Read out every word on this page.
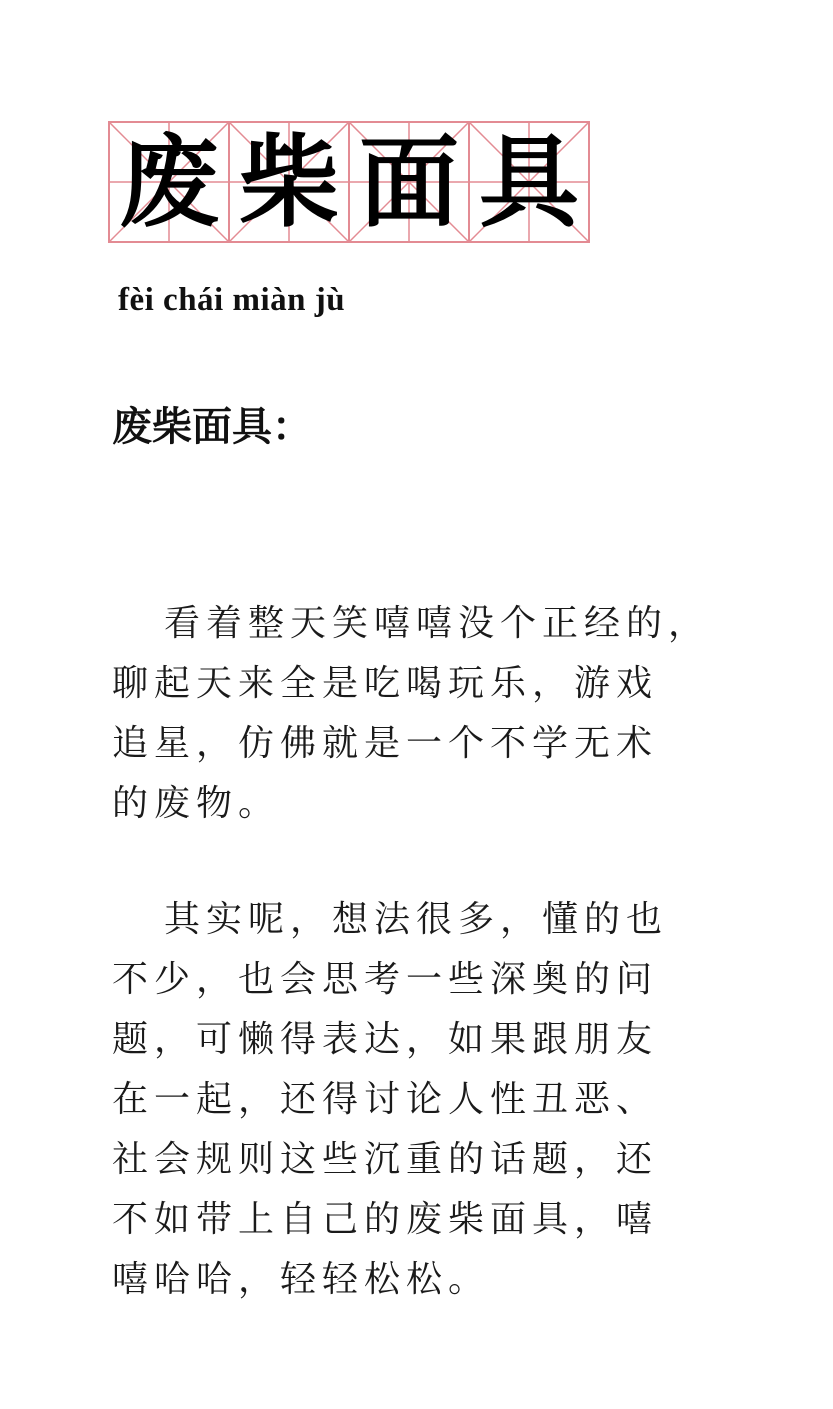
废 柴 面 具
fèi chái miàn jù
废柴面具：
看着整天笑嘻嘻没个正经的，
聊起天来全是吃喝玩乐，游戏
追星，仿佛就是一个不学无术
的废物。
其实呢，想法很多，懂的也
不少，也会思考一些深奥的问
题，可懒得表达，如果跟朋友
在一起，还得讨论人性丑恶、
社会规则这些沉重的话题，还
不如带上自己的废柴面具，嘻
嘻哈哈，轻轻松松。
